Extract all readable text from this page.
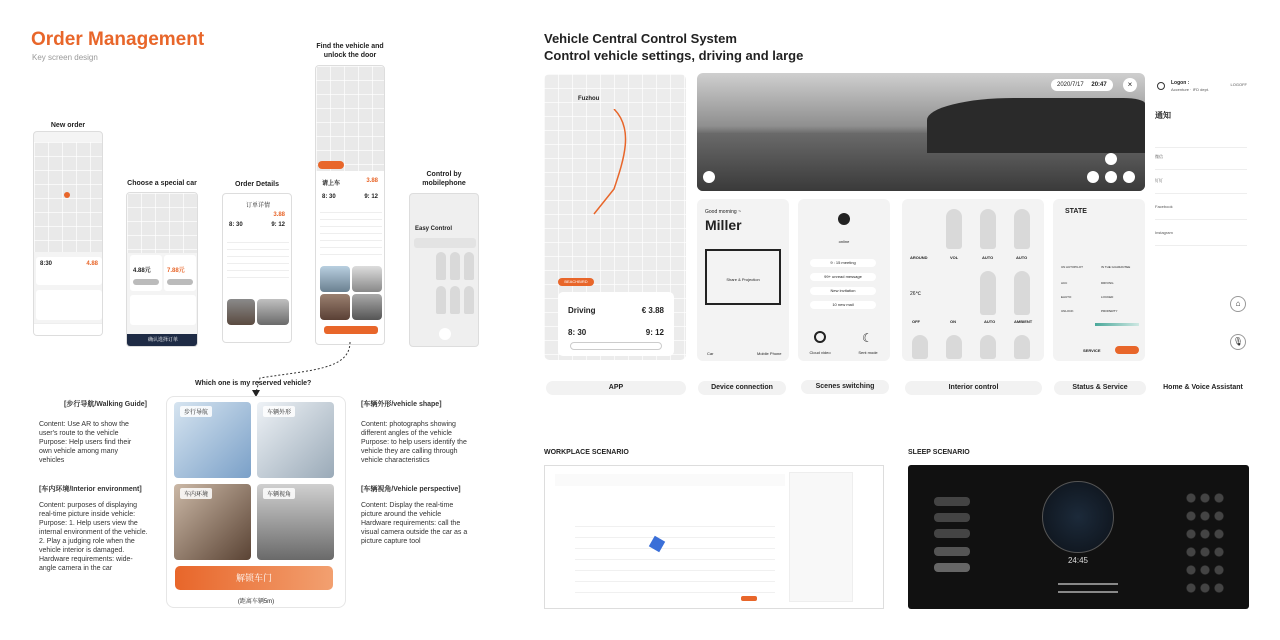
Order Management
Key screen design
New order
8:30	4.88
Choose a special car
4.88元	7.88元
确认选择订单
Order Details
订单详情
8: 30	9: 12
3.88
Find the vehicle and unlock the door
请上车	3.88
8: 30	9: 12
Control by mobilephone
Easy Control
Which one is my reserved vehicle?
步行导航	车辆外形
车内环境	车辆视角
解锁车门
(距离车辆5m)
[步行导航/Walking Guide]
Content: Use AR to show the user's route to the vehicle Purpose: Help users find their own vehicle among many vehicles
[车内环境/Interior environment]
Content: purposes of displaying real-time picture inside vehicle: Purpose: 1. Help users view the internal environment of the vehicle. 2. Play a judging role when the vehicle interior is damaged. Hardware requirements: wide-angle camera in the car
[车辆外形/vehicle shape]
Content: photographs showing different angles of the vehicle Purpose: to help users identify the vehicle they are calling through vehicle characteristics
[车辆视角/Vehicle perspective]
Content: Display the real-time picture around the vehicle Hardware requirements: call the visual camera outside the car as a picture capture tool
Vehicle Central Control System
Control vehicle settings, driving and large
Fuzhou
BEACHBIRD
Driving	€ 3.88
8: 30	9: 12
2020/7/17 20:47	×
Good morning ~
Miller
Share & Projection
Car	Mobile Phone
online
9 : 15 meeting
99+ unread message
New invitation
10 new mail
Cloud video
☾
Sent mode
AROUND	VOL	AUTO	AUTO
26℃
OFF	ON	AUTO	AMBIENT
STATE
UN AUTOPILOT	IN THE GUARANTEE
ACC	DRIVING
EAUTO	LOCKED
UNLOCK	PROPERTY
SERVICE
Logon :
Accenture · IFD dept.
LOGOFF
通知
微信
钉钉
Facebook
Instagram
⌂
🎙
APP	Device connection	Scenes switching	Interior control	Status & Service	Home & Voice Assistant
WORKPLACE SCENARIO	SLEEP SCENARIO
24:45
